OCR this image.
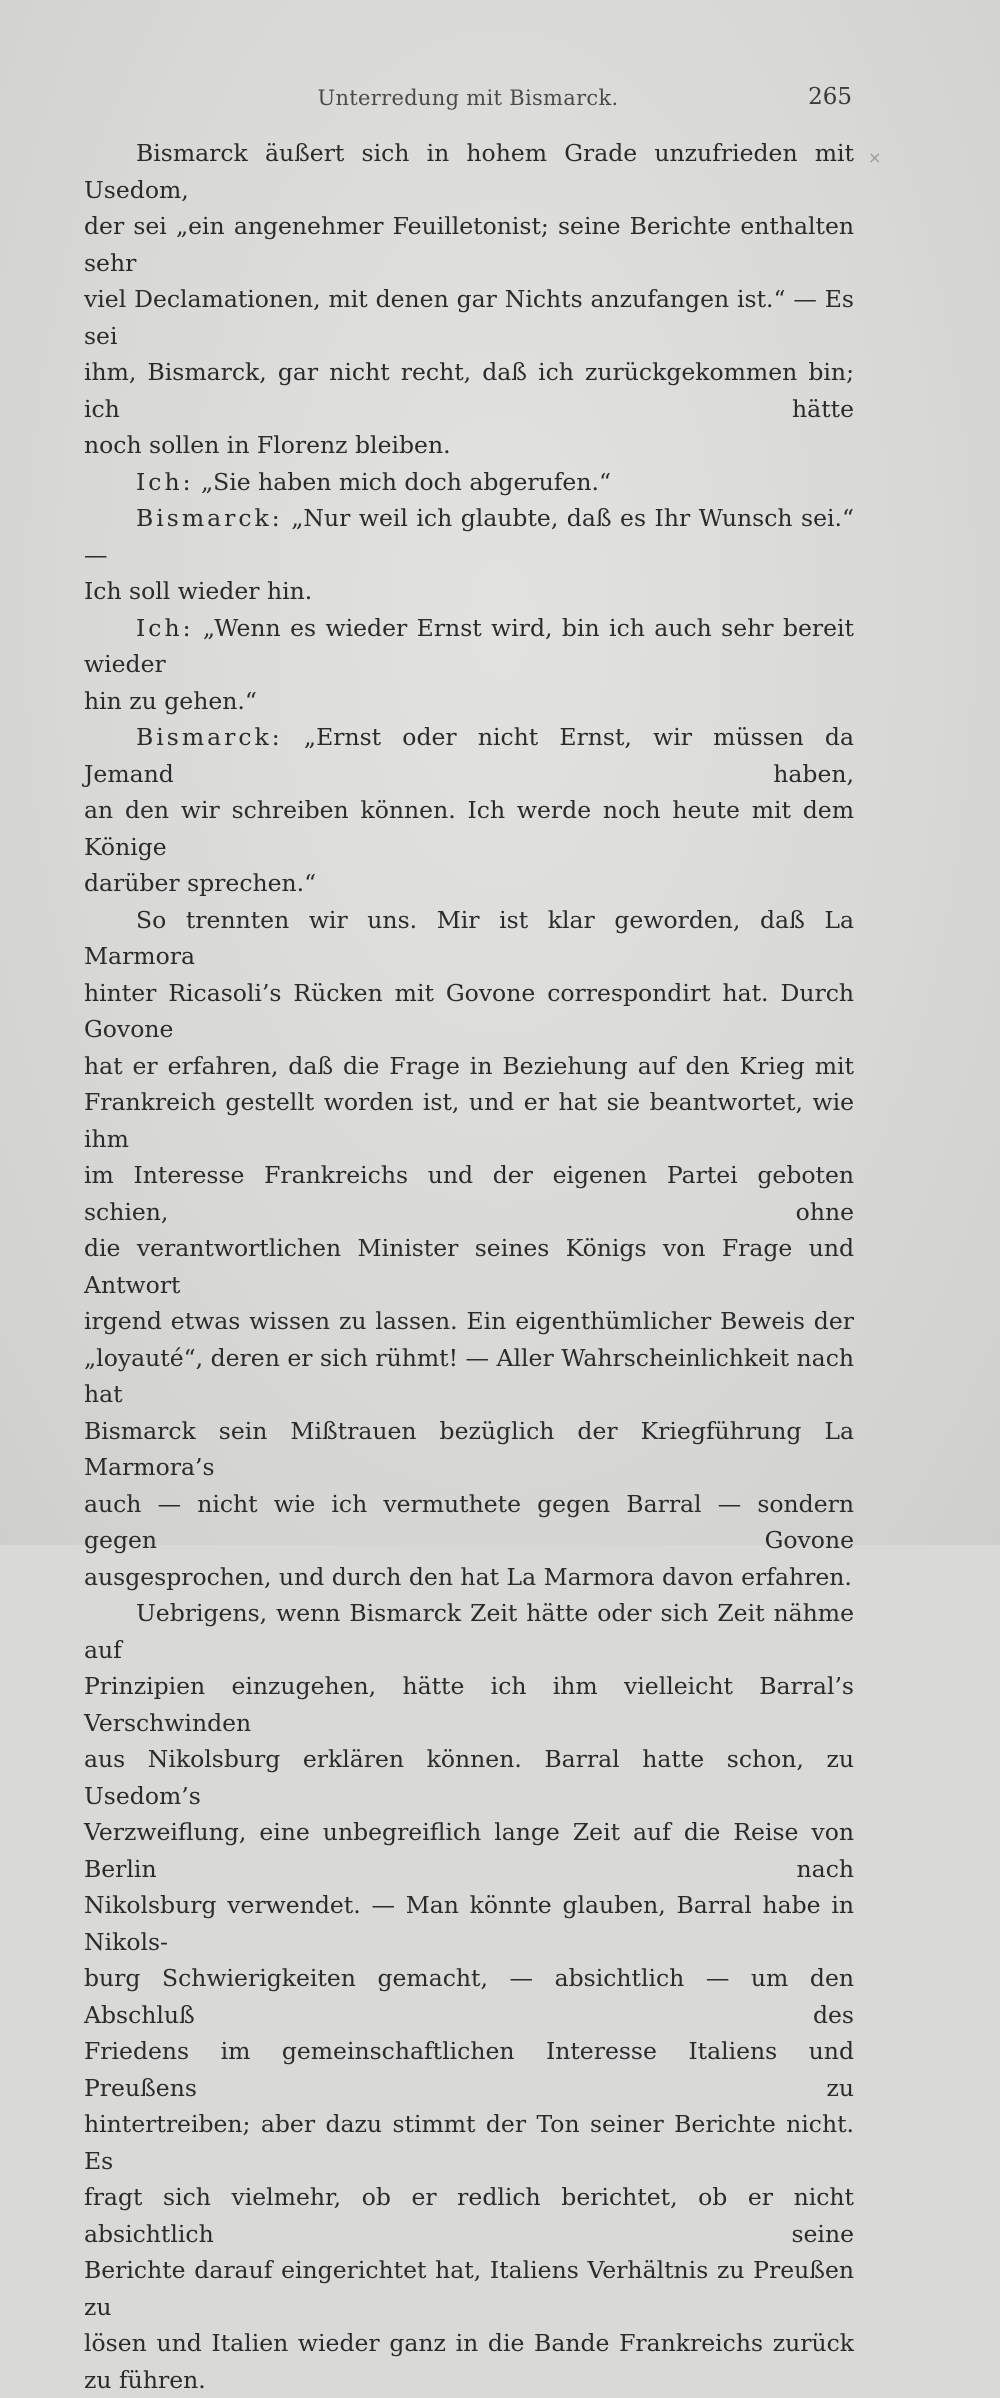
Unterredung mit Bismarck.	265
×

Bismarck äußert sich in hohem Grade unzufrieden mit Usedom,

der sei „ein angenehmer Feuilletonist; seine Berichte enthalten sehr

viel Declamationen, mit denen gar Nichts anzufangen ist.“ — Es sei

ihm, Bismarck, gar nicht recht, daß ich zurückgekommen bin; ich hätte

noch sollen in Florenz bleiben.

Ich: „Sie haben mich doch abgerufen.“

Bismarck: „Nur weil ich glaubte, daß es Ihr Wunsch sei.“ —

Ich soll wieder hin.

Ich: „Wenn es wieder Ernst wird, bin ich auch sehr bereit wieder

hin zu gehen.“

Bismarck: „Ernst oder nicht Ernst, wir müssen da Jemand haben,

an den wir schreiben können. Ich werde noch heute mit dem Könige

darüber sprechen.“

So trennten wir uns. Mir ist klar geworden, daß La Marmora

hinter Ricasoli’s Rücken mit Govone correspondirt hat. Durch Govone

hat er erfahren, daß die Frage in Beziehung auf den Krieg mit

Frankreich gestellt worden ist, und er hat sie beantwortet, wie ihm

im Interesse Frankreichs und der eigenen Partei geboten schien, ohne

die verantwortlichen Minister seines Königs von Frage und Antwort

irgend etwas wissen zu lassen. Ein eigenthümlicher Beweis der

„loyauté“, deren er sich rühmt! — Aller Wahrscheinlichkeit nach hat

Bismarck sein Mißtrauen bezüglich der Kriegführung La Marmora’s

auch — nicht wie ich vermuthete gegen Barral — sondern gegen Govone

ausgesprochen, und durch den hat La Marmora davon erfahren.

Uebrigens, wenn Bismarck Zeit hätte oder sich Zeit nähme auf

Prinzipien einzugehen, hätte ich ihm vielleicht Barral’s Verschwinden

aus Nikolsburg erklären können. Barral hatte schon, zu Usedom’s

Verzweiflung, eine unbegreiflich lange Zeit auf die Reise von Berlin nach

Nikolsburg verwendet. — Man könnte glauben, Barral habe in Nikols-

burg Schwierigkeiten gemacht, — absichtlich — um den Abschluß des

Friedens im gemeinschaftlichen Interesse Italiens und Preußens zu

hintertreiben; aber dazu stimmt der Ton seiner Berichte nicht. Es

fragt sich vielmehr, ob er redlich berichtet, ob er nicht absichtlich seine

Berichte darauf eingerichtet hat, Italiens Verhältnis zu Preußen zu

lösen und Italien wieder ganz in die Bande Frankreichs zurück zu führen.
